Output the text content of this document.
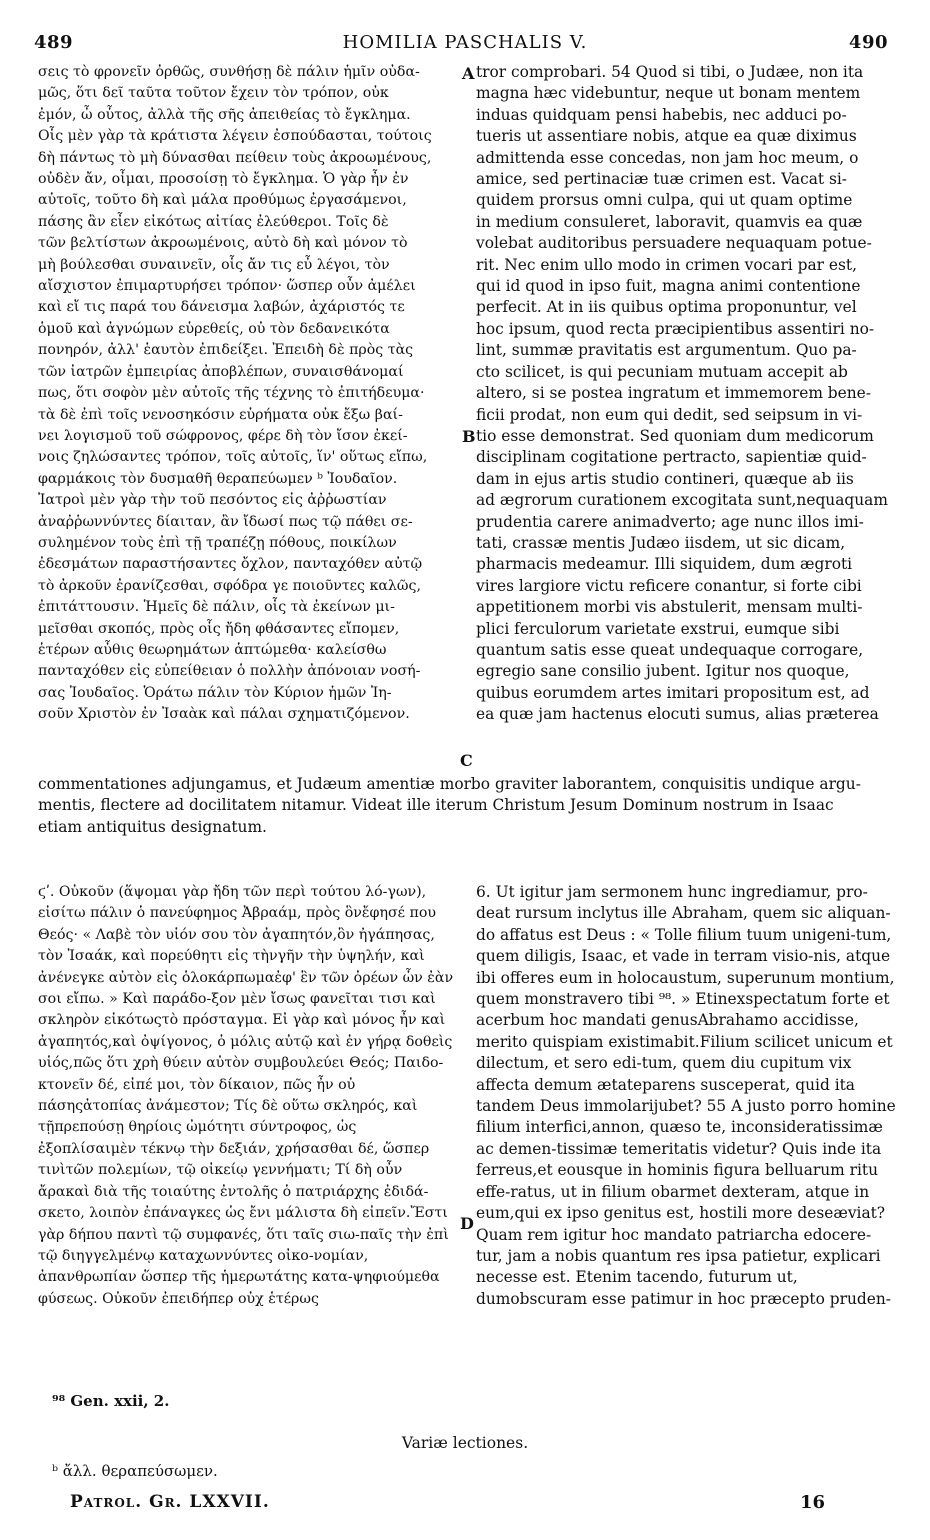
489	HOMILIA PASCHALIS V.	490
σεις τὸ φρονεῖν ὀρθῶς, συνθήσῃ δὲ πάλιν ἡμῖν οὐδα-
μῶς, ὅτι δεῖ ταῦτα τοῦτον ἔχειν τὸν τρόπον, οὐκ
ἐμόν, ὦ οὗτος, ἀλλὰ τῆς σῆς ἀπειθείας τὸ ἔγκλημα.
Οἷς μὲν γὰρ τὰ κράτιστα λέγειν ἐσπούδασται, τούτοις
δὴ πάντως τὸ μὴ δύνασθαι πείθειν τοὺς ἀκροωμένους,
οὐδὲν ἄν, οἶμαι, προσοίσῃ τὸ ἔγκλημα. Ὁ γὰρ ἦν ἐν
αὐτοῖς, τοῦτο δὴ καὶ μάλα προθύμως ἐργασάμενοι,
πάσης ἂν εἶεν εἰκότως αἰτίας ἐλεύθεροι. Τοῖς δὲ
τῶν βελτίστων ἀκροωμένοις, αὐτὸ δὴ καὶ μόνον τὸ
μὴ βούλεσθαι συναινεῖν, οἷς ἄν τις εὖ λέγοι, τὸν
αἴσχιστον ἐπιμαρτυρήσει τρόπον· ὥσπερ οὖν ἀμέλει
καὶ εἴ τις παρά του δάνεισμα λαβών, ἀχάριστός τε
ὁμοῦ καὶ ἀγνώμων εὑρεθείς, οὐ τὸν δεδανεικότα
πονηρόν, ἀλλ' ἑαυτὸν ἐπιδείξει. Ἐπειδὴ δὲ πρὸς τὰς
τῶν ἰατρῶν ἐμπειρίας ἀποβλέπων, συναισθάνομαί
πως, ὅτι σοφὸν μὲν αὐτοῖς τῆς τέχνης τὸ ἐπιτήδευμα·
τὰ δὲ ἐπὶ τοῖς νενοσηκόσιν εὑρήματα οὐκ ἔξω βαί-
νει λογισμοῦ τοῦ σώφρονος, φέρε δὴ τὸν ἴσον ἐκεί-
νοις ζηλώσαντες τρόπον, τοῖς αὐτοῖς, ἵν' οὕτως εἴπω,
φαρμάκοις τὸν δυσμαθῆ θεραπεύωμεν ᵇ Ἰουδαῖον.
Ἰατροὶ μὲν γὰρ τὴν τοῦ πεσόντος εἰς ἀῤῥωστίαν
ἀναῤῥωννύντες δίαιταν, ἂν ἴδωσί πως τῷ πάθει σε-
συλημένον τοὺς ἐπὶ τῇ τραπέζῃ πόθους, ποικίλων
ἐδεσμάτων παραστήσαντες ὄχλον, πανταχόθεν αὐτῷ
τὸ ἀρκοῦν ἐρανίζεσθαι, σφόδρα γε ποιοῦντες καλῶς,
ἐπιτάττουσιν. Ἡμεῖς δὲ πάλιν, οἷς τὰ ἐκείνων μι-
μεῖσθαι σκοπός, πρὸς οἷς ἤδη φθάσαντες εἴπομεν,
ἑτέρων αὖθις θεωρημάτων ἁπτώμεθα· καλείσθω
πανταχόθεν εἰς εὐπείθειαν ὁ πολλὴν ἀπόνοιαν νοσή-
σας Ἰουδαῖος. Ὁράτω πάλιν τὸν Κύριον ἡμῶν Ἰη-
σοῦν Χριστὸν ἐν Ἰσαὰκ καὶ πάλαι σχηματιζόμενον.
tror comprobari. 54 Quod si tibi, o Judæe, non ita
magna hæc videbuntur, neque ut bonam mentem
induas quidquam pensi habebis, nec adduci po-
tueris ut assentiare nobis, atque ea quæ diximus
admittenda esse concedas, non jam hoc meum, o
amice, sed pertinaciæ tuæ crimen est. Vacat si-
quidem prorsus omni culpa, qui ut quam optime
in medium consuleret, laboravit, quamvis ea quæ
volebat auditoribus persuadere nequaquam potue-
rit. Nec enim ullo modo in crimen vocari par est,
qui id quod in ipso fuit, magna animi contentione
perfecit. At in iis quibus optima proponuntur, vel
hoc ipsum, quod recta præcipientibus assentiri no-
lint, summæ pravitatis est argumentum. Quo pa-
cto scilicet, is qui pecuniam mutuam accepit ab
altero, si se postea ingratum et immemorem bene-
ficii prodat, non eum qui dedit, sed seipsum in vi-
tio esse demonstrat. Sed quoniam dum medicorum
disciplinam cogitatione pertracto, sapientiæ quid-
dam in ejus artis studio contineri, quæque ab iis
ad ægrorum curationem excogitata sunt,nequaquam
prudentia carere animadverto; age nunc illos imi-
tati, crassæ mentis Judæo iisdem, ut sic dicam,
pharmacis medeamur. Illi siquidem, dum ægroti
vires largiore victu reficere conantur, si forte cibi
appetitionem morbi vis abstulerit, mensam multi-
plici ferculorum varietate exstrui, eumque sibi
quantum satis esse queat undequaque corrogare,
egregio sane consilio jubent. Igitur nos quoque,
quibus eorumdem artes imitari propositum est, ad
ea quæ jam hactenus elocuti sumus, alias præterea
A
B
C
D
commentationes adjungamus, et Judæum amentiæ morbo graviter laborantem, conquisitis undique argu-
mentis, flectere ad docilitatem nitamur. Videat ille iterum Christum Jesum Dominum nostrum in Isaac
etiam antiquitus designatum.
ϛʹ. Οὐκοῦν (ἅψομαι γὰρ ἤδη τῶν περὶ τούτου λό-γων), εἰσίτω πάλιν ὁ πανεύφημος Ἀβραάμ, πρὸς ὃνἔφησέ που Θεός· « Λαβὲ τὸν υἱόν σου τὸν ἀγαπητόν,ὃν ἠγάπησας, τὸν Ἰσαάκ, καὶ πορεύθητι εἰς τὴνγῆν τὴν ὑψηλήν, καὶ ἀνένεγκε αὐτὸν εἰς ὁλοκάρπωμαἐφ' ἓν τῶν ὀρέων ὧν ἐὰν σοι εἴπω. » Καὶ παράδο-ξον μὲν ἴσως φανεῖται τισι καὶ σκληρὸν εἰκότωςτὸ πρόσταγμα. Εἰ γὰρ καὶ μόνος ἦν καὶ ἀγαπητός,καὶ ὀψίγονος, ὁ μόλις αὐτῷ καὶ ἐν γήρᾳ δοθεὶς υἱός,πῶς ὅτι χρὴ θύειν αὐτὸν συμβουλεύει Θεός; Παιδο-κτονεῖν δέ, εἰπέ μοι, τὸν δίκαιον, πῶς ἦν οὐ πάσηςἀτοπίας ἀνάμεστον; Τίς δὲ οὕτω σκληρός, καὶ τῇπρεπούσῃ θηρίοις ὠμότητι σύντροφος, ὡς ἐξοπλίσαιμὲν τέκνῳ τὴν δεξιάν, χρήσασθαι δέ, ὥσπερ τινὶτῶν πολεμίων, τῷ οἰκείῳ γεννήματι; Τί δὴ οὖν ἄρακαὶ διὰ τῆς τοιαύτης ἐντολῆς ὁ πατριάρχης ἐδιδά-σκετο, λοιπὸν ἐπάναγκες ὡς ἔνι μάλιστα δὴ εἰπεῖν.Ἔστι γὰρ δήπου παντὶ τῷ συμφανές, ὅτι ταῖς σιω-παῖς τὴν ἐπὶ τῷ διηγγελμένῳ καταχωννύντες οἰκο-νομίαν, ἀπανθρωπίαν ὥσπερ τῆς ἡμερωτάτης κατα-ψηφιούμεθα φύσεως. Οὐκοῦν ἐπειδήπερ οὐχ ἑτέρως
6. Ut igitur jam sermonem hunc ingrediamur, pro-deat rursum inclytus ille Abraham, quem sic aliquan-do affatus est Deus : « Tolle filium tuum unigeni-tum, quem diligis, Isaac, et vade in terram visio-nis, atque ibi offeres eum in holocaustum, superunum montium, quem monstravero tibi ⁹⁸. » Etinexspectatum forte et acerbum hoc mandati genusAbrahamo accidisse, merito quispiam existimabit.Filium scilicet unicum et dilectum, et sero edi-tum, quem diu cupitum vix affecta demum ætateparens susceperat, quid ita tandem Deus immolarijubet? 55 A justo porro homine filium interfici,annon, quæso te, inconsideratissimæ ac demen-tissimæ temeritatis videtur? Quis inde ita ferreus,et eousque in hominis figura belluarum ritu effe-ratus, ut in filium obarmet dexteram, atque in eum,qui ex ipso genitus est, hostili more deseæviat?Quam rem igitur hoc mandato patriarcha edocere-tur, jam a nobis quantum res ipsa patietur, explicari necesse est. Etenim tacendo, futurum ut, dumobscuram esse patimur in hoc præcepto pruden-
⁹⁸ Gen. xxii, 2.
Variæ lectiones.
ᵇ ἄλλ. θεραπεύσωμεν.
Patrol. Gr. LXXVII.	16
